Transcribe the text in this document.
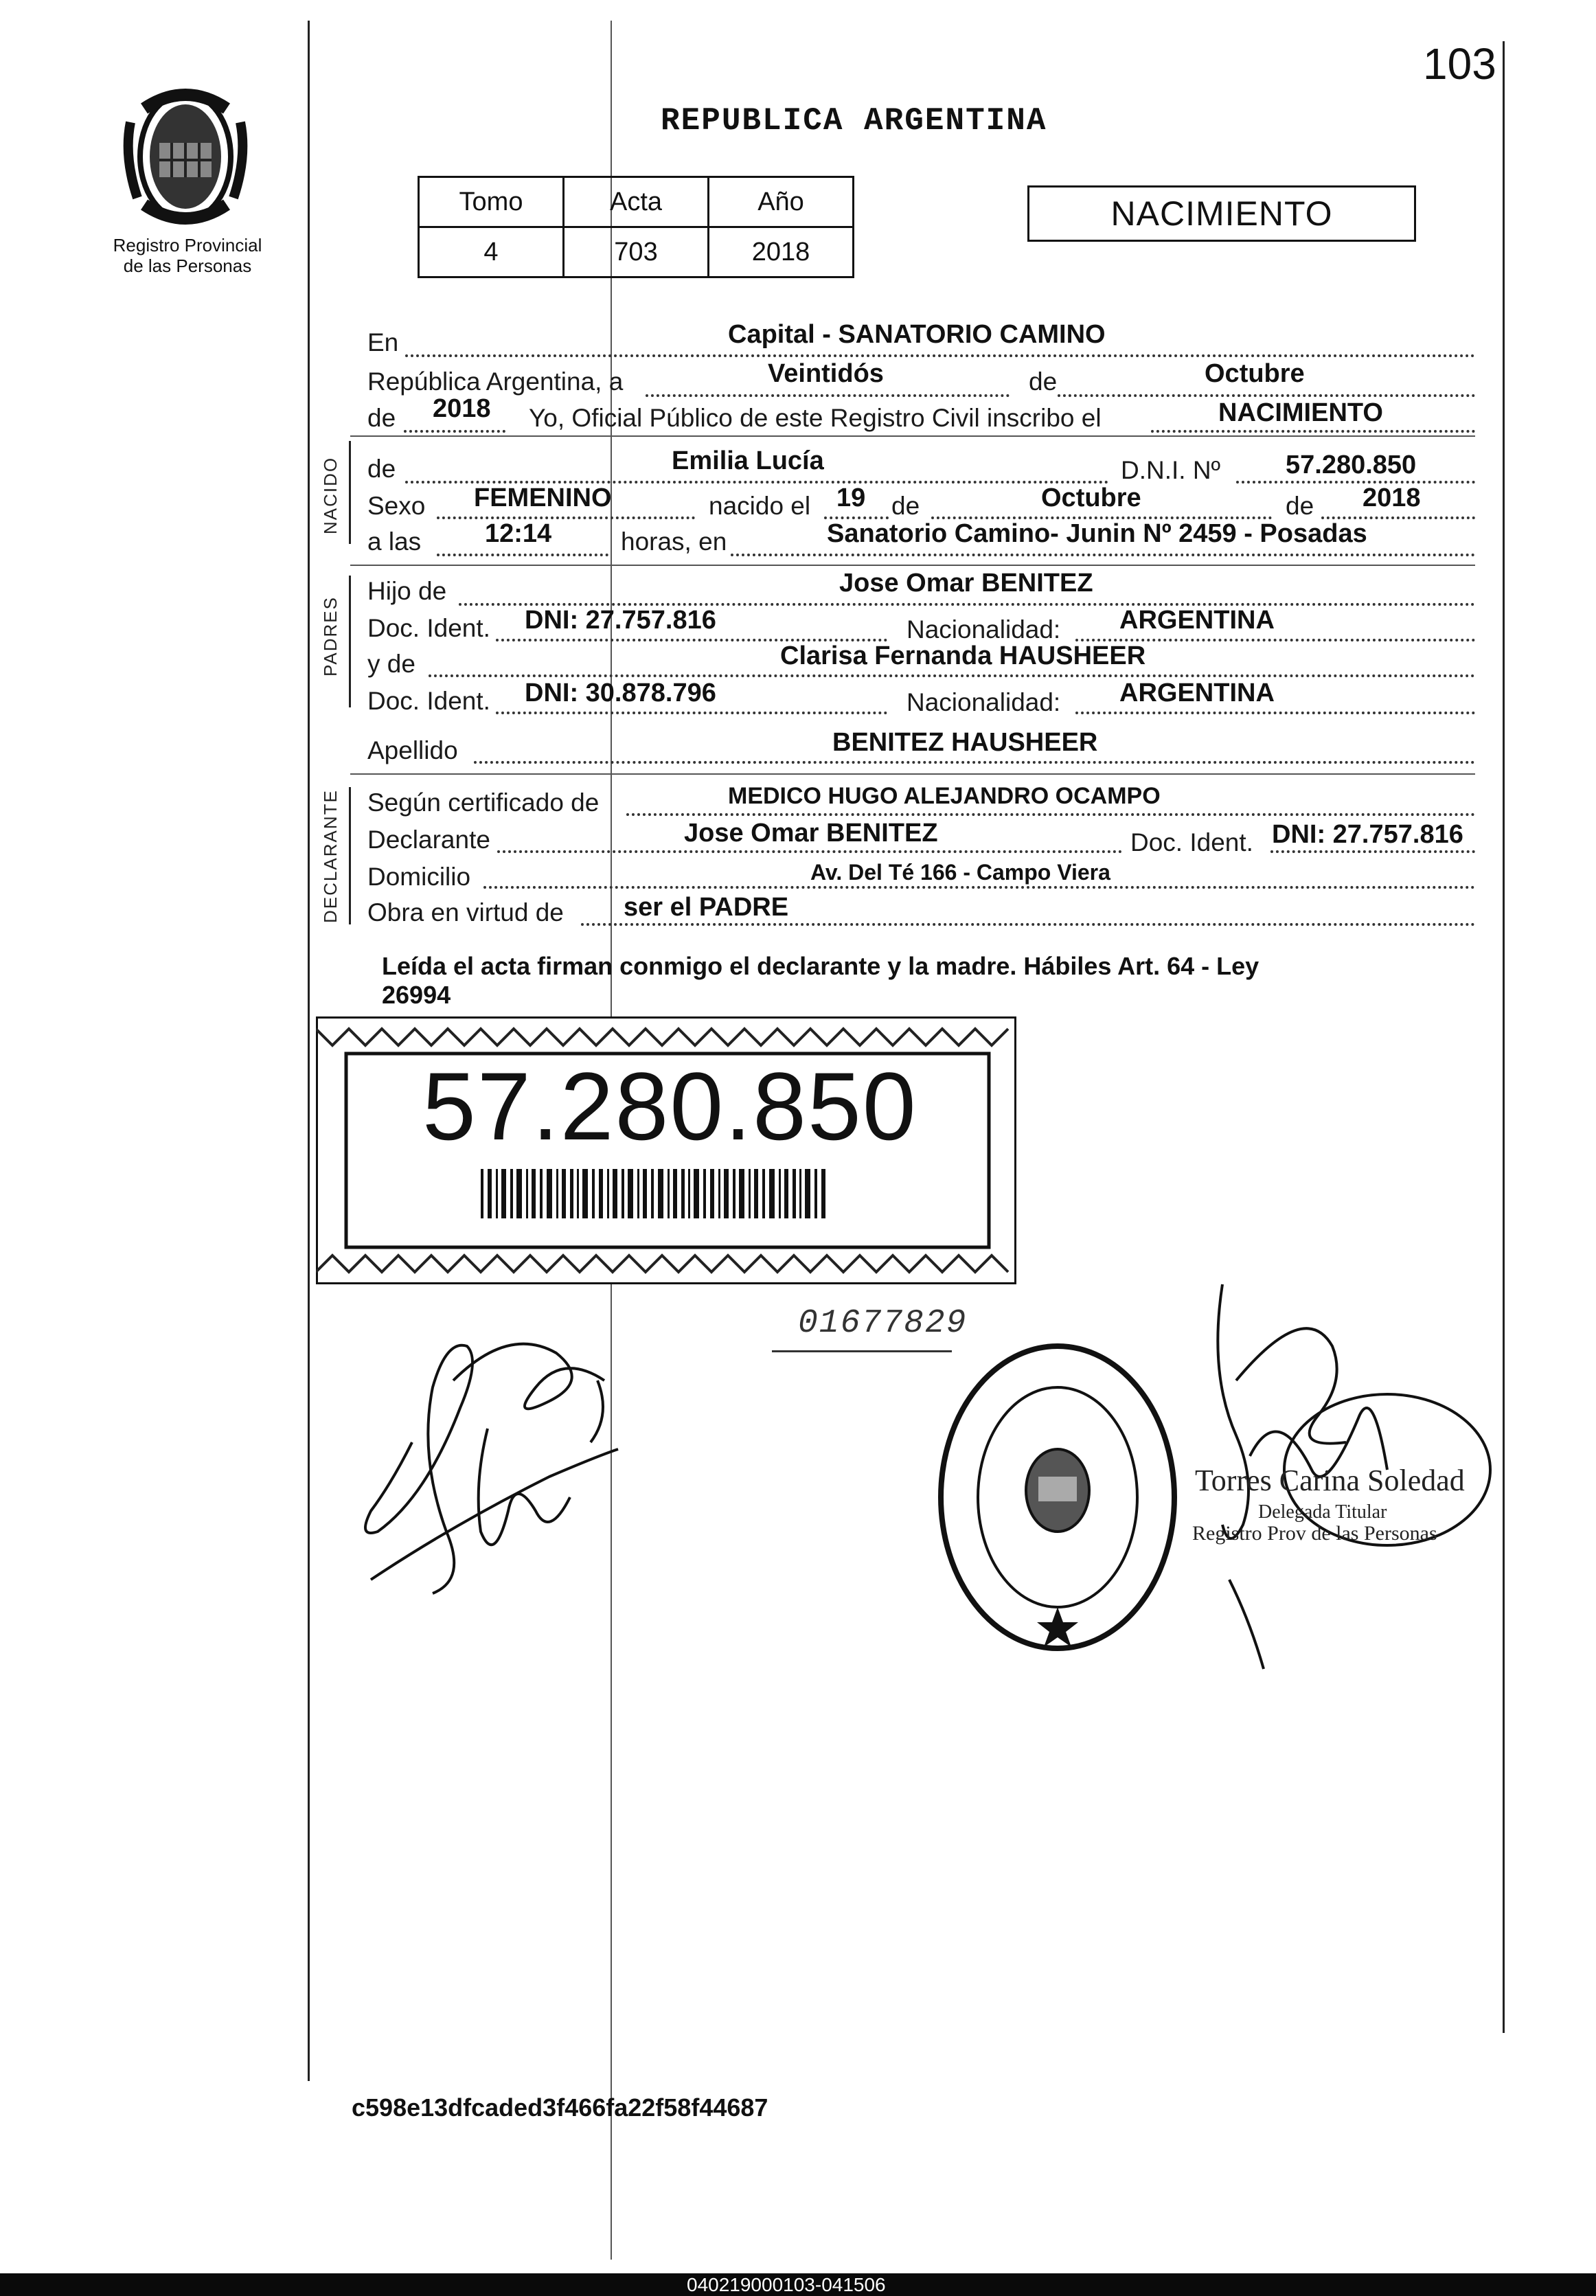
103
Registro Provincial
de las Personas
REPUBLICA ARGENTINA
Tomo	Acta	Año
4	703	2018
NACIMIENTO
NACIDO
PADRES
DECLARANTE
En	Capital - SANATORIO CAMINO
República Argentina, a	Veintidós	de	Octubre
de 2018 Yo, Oficial Público de este Registro Civil inscribo el	NACIMIENTO
de	Emilia Lucía	D.N.I. Nº 57.280.850
Sexo FEMENINO	nacido el 19 de	Octubre	de 2018
a las 12:14	horas, en	Sanatorio Camino- Junin Nº 2459 - Posadas
Hijo de	Jose Omar BENITEZ
Doc. Ident. DNI: 27.757.816	Nacionalidad: ARGENTINA
y de	Clarisa Fernanda HAUSHEER
Doc. Ident. DNI: 30.878.796	Nacionalidad: ARGENTINA
Apellido	BENITEZ HAUSHEER
Según certificado de	MEDICO HUGO ALEJANDRO OCAMPO
Declarante	Jose Omar BENITEZ	Doc. Ident. DNI: 27.757.816
Domicilio	Av. Del Té 166 - Campo Viera
Obra en virtud de ser el PADRE
Leída el acta firman conmigo el declarante y la madre. Hábiles Art. 64 - Ley
26994
57.280.850
01677829
Torres Carina Soledad
Delegada Titular
Registro Prov de las Personas
c598e13dfcaded3f466fa22f58f44687
040219000103-041506
